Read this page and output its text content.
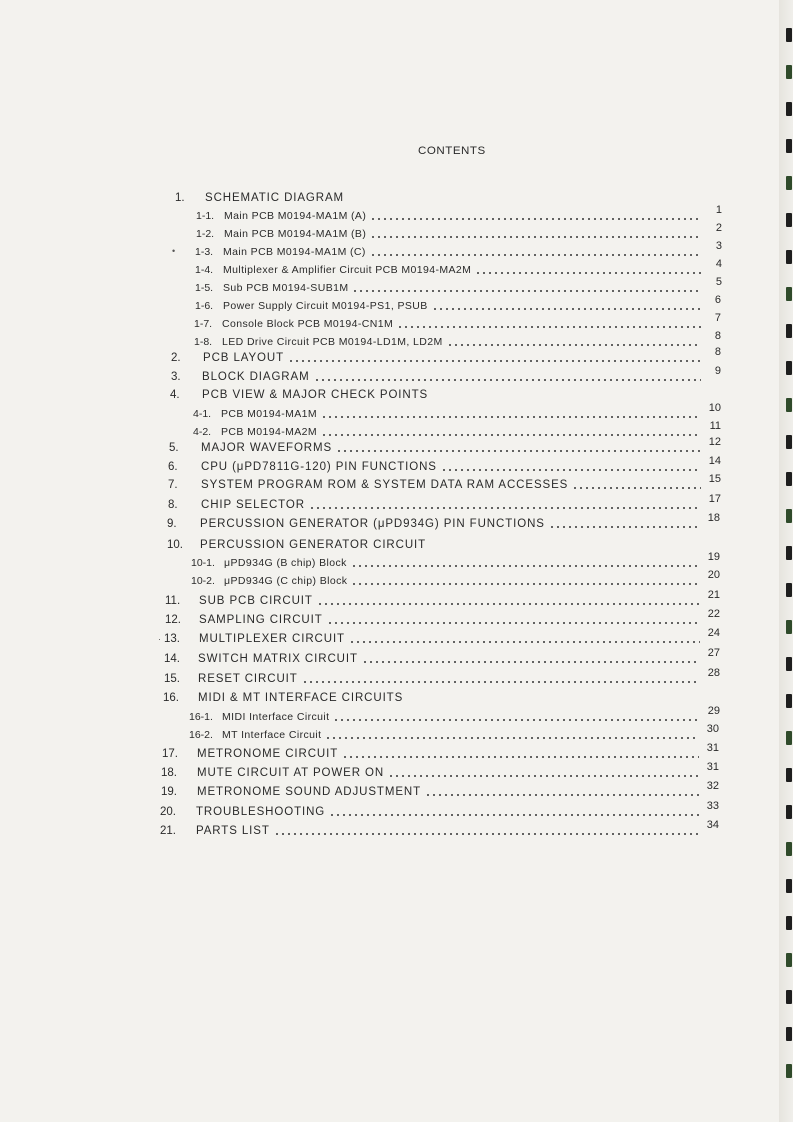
CONTENTS
1. SCHEMATIC DIAGRAM
1-1. Main PCB M0194-MA1M (A)	1
1-2. Main PCB M0194-MA1M (B)	2
1-3. Main PCB M0194-MA1M (C)	3
1-4. Multiplexer & Amplifier Circuit PCB M0194-MA2M	4
1-5. Sub PCB M0194-SUB1M	5
1-6. Power Supply Circuit M0194-PS1, PSUB	6
1-7. Console Block PCB M0194-CN1M	7
1-8. LED Drive Circuit PCB M0194-LD1M, LD2M	8
2. PCB LAYOUT	8
3. BLOCK DIAGRAM	9
4. PCB VIEW & MAJOR CHECK POINTS
4-1. PCB M0194-MA1M	10
4-2. PCB M0194-MA2M	11
5. MAJOR WAVEFORMS	12
6. CPU (μPD7811G-120) PIN FUNCTIONS	14
7. SYSTEM PROGRAM ROM & SYSTEM DATA RAM ACCESSES	15
8. CHIP SELECTOR	17
9. PERCUSSION GENERATOR (μPD934G) PIN FUNCTIONS	18
10. PERCUSSION GENERATOR CIRCUIT
10-1. μPD934G (B chip) Block	19
10-2. μPD934G (C chip) Block	20
11. SUB PCB CIRCUIT	21
12. SAMPLING CIRCUIT	22
13. MULTIPLEXER CIRCUIT	24
14. SWITCH MATRIX CIRCUIT	27
15. RESET CIRCUIT	28
16. MIDI & MT INTERFACE CIRCUITS
16-1. MIDI Interface Circuit	29
16-2. MT Interface Circuit	30
17. METRONOME CIRCUIT	31
18. MUTE CIRCUIT AT POWER ON	31
19. METRONOME SOUND ADJUSTMENT	32
20. TROUBLESHOOTING	33
21. PARTS LIST	34
•
·
